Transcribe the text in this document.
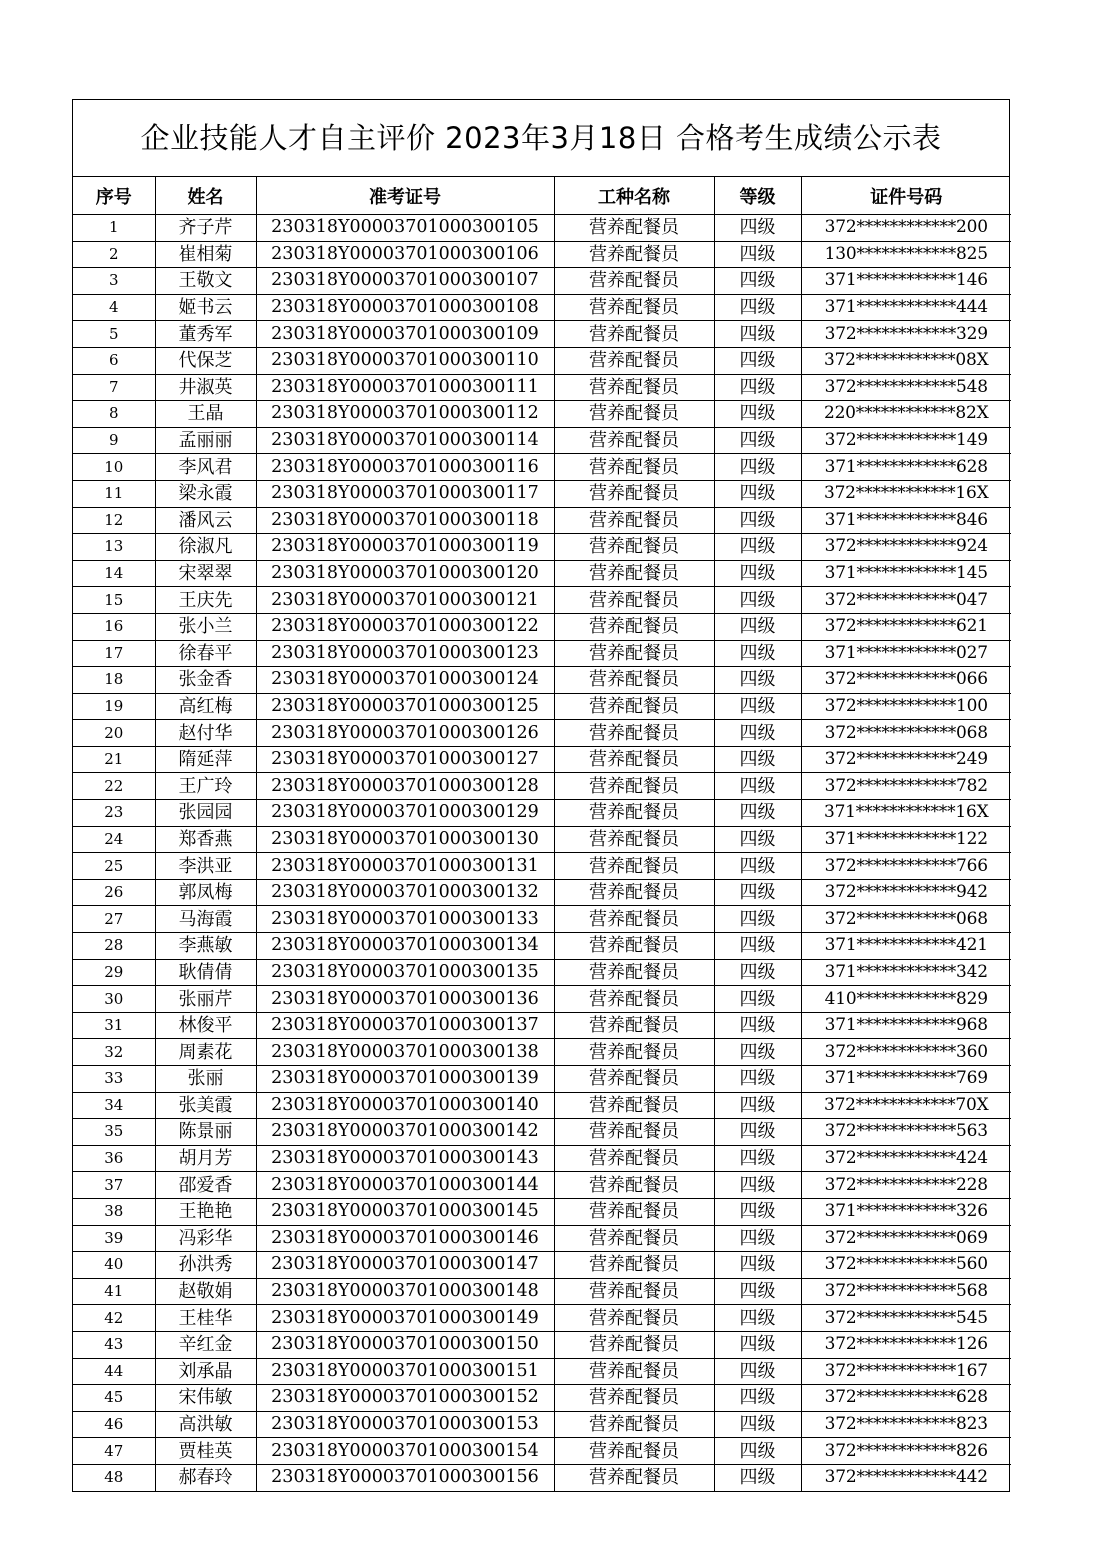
企业技能人才自主评价 2023年3月18日 合格考生成绩公示表
序号	姓名	准考证号	工种名称	等级	证件号码
1	齐子芹	230318Y00003701000300105	营养配餐员	四级	372************200
2	崔相菊	230318Y00003701000300106	营养配餐员	四级	130************825
3	王敬文	230318Y00003701000300107	营养配餐员	四级	371************146
4	姬书云	230318Y00003701000300108	营养配餐员	四级	371************444
5	董秀军	230318Y00003701000300109	营养配餐员	四级	372************329
6	代保芝	230318Y00003701000300110	营养配餐员	四级	372************08X
7	井淑英	230318Y00003701000300111	营养配餐员	四级	372************548
8	王晶	230318Y00003701000300112	营养配餐员	四级	220************82X
9	孟丽丽	230318Y00003701000300114	营养配餐员	四级	372************149
10	李风君	230318Y00003701000300116	营养配餐员	四级	371************628
11	梁永霞	230318Y00003701000300117	营养配餐员	四级	372************16X
12	潘风云	230318Y00003701000300118	营养配餐员	四级	371************846
13	徐淑凡	230318Y00003701000300119	营养配餐员	四级	372************924
14	宋翠翠	230318Y00003701000300120	营养配餐员	四级	371************145
15	王庆先	230318Y00003701000300121	营养配餐员	四级	372************047
16	张小兰	230318Y00003701000300122	营养配餐员	四级	372************621
17	徐春平	230318Y00003701000300123	营养配餐员	四级	371************027
18	张金香	230318Y00003701000300124	营养配餐员	四级	372************066
19	高红梅	230318Y00003701000300125	营养配餐员	四级	372************100
20	赵付华	230318Y00003701000300126	营养配餐员	四级	372************068
21	隋延萍	230318Y00003701000300127	营养配餐员	四级	372************249
22	王广玲	230318Y00003701000300128	营养配餐员	四级	372************782
23	张园园	230318Y00003701000300129	营养配餐员	四级	371************16X
24	郑香燕	230318Y00003701000300130	营养配餐员	四级	371************122
25	李洪亚	230318Y00003701000300131	营养配餐员	四级	372************766
26	郭凤梅	230318Y00003701000300132	营养配餐员	四级	372************942
27	马海霞	230318Y00003701000300133	营养配餐员	四级	372************068
28	李燕敏	230318Y00003701000300134	营养配餐员	四级	371************421
29	耿倩倩	230318Y00003701000300135	营养配餐员	四级	371************342
30	张丽芹	230318Y00003701000300136	营养配餐员	四级	410************829
31	林俊平	230318Y00003701000300137	营养配餐员	四级	371************968
32	周素花	230318Y00003701000300138	营养配餐员	四级	372************360
33	张丽	230318Y00003701000300139	营养配餐员	四级	371************769
34	张美霞	230318Y00003701000300140	营养配餐员	四级	372************70X
35	陈景丽	230318Y00003701000300142	营养配餐员	四级	372************563
36	胡月芳	230318Y00003701000300143	营养配餐员	四级	372************424
37	邵爱香	230318Y00003701000300144	营养配餐员	四级	372************228
38	王艳艳	230318Y00003701000300145	营养配餐员	四级	371************326
39	冯彩华	230318Y00003701000300146	营养配餐员	四级	372************069
40	孙洪秀	230318Y00003701000300147	营养配餐员	四级	372************560
41	赵敬娟	230318Y00003701000300148	营养配餐员	四级	372************568
42	王桂华	230318Y00003701000300149	营养配餐员	四级	372************545
43	辛红金	230318Y00003701000300150	营养配餐员	四级	372************126
44	刘承晶	230318Y00003701000300151	营养配餐员	四级	372************167
45	宋伟敏	230318Y00003701000300152	营养配餐员	四级	372************628
46	高洪敏	230318Y00003701000300153	营养配餐员	四级	372************823
47	贾桂英	230318Y00003701000300154	营养配餐员	四级	372************826
48	郝春玲	230318Y00003701000300156	营养配餐员	四级	372************442
